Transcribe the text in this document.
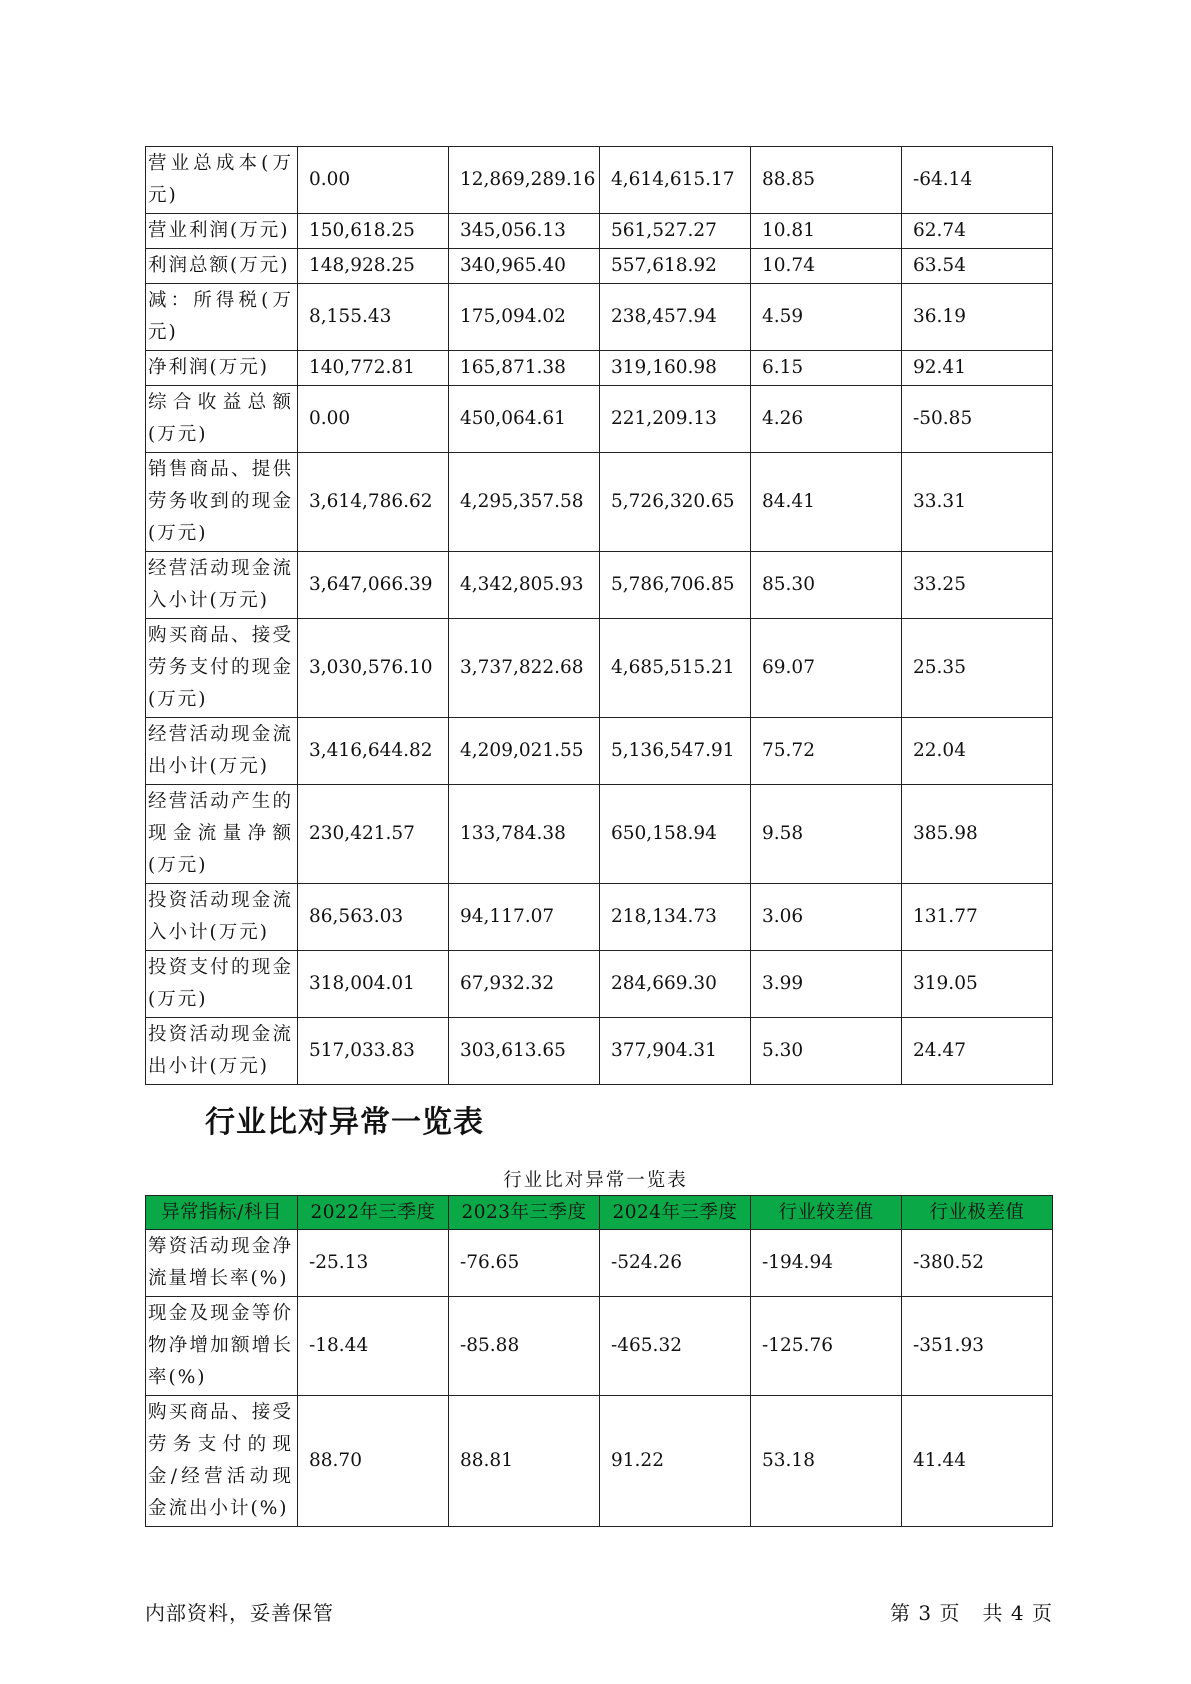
营业总成本(万元)	0.00	12,869,289.16	4,614,615.17	88.85	-64.14
营业利润(万元)	150,618.25	345,056.13	561,527.27	10.81	62.74
利润总额(万元)	148,928.25	340,965.40	557,618.92	10.74	63.54
减：所得税(万元)	8,155.43	175,094.02	238,457.94	4.59	36.19
净利润(万元)	140,772.81	165,871.38	319,160.98	6.15	92.41
综合收益总额(万元)	0.00	450,064.61	221,209.13	4.26	-50.85
销售商品、提供劳务收到的现金(万元)	3,614,786.62	4,295,357.58	5,726,320.65	84.41	33.31
经营活动现金流入小计(万元)	3,647,066.39	4,342,805.93	5,786,706.85	85.30	33.25
购买商品、接受劳务支付的现金(万元)	3,030,576.10	3,737,822.68	4,685,515.21	69.07	25.35
经营活动现金流出小计(万元)	3,416,644.82	4,209,021.55	5,136,547.91	75.72	22.04
经营活动产生的现金流量净额(万元)	230,421.57	133,784.38	650,158.94	9.58	385.98
投资活动现金流入小计(万元)	86,563.03	94,117.07	218,134.73	3.06	131.77
投资支付的现金(万元)	318,004.01	67,932.32	284,669.30	3.99	319.05
投资活动现金流出小计(万元)	517,033.83	303,613.65	377,904.31	5.30	24.47
行业比对异常一览表
行业比对异常一览表
异常指标/科目	2022年三季度	2023年三季度	2024年三季度	行业较差值	行业极差值
筹资活动现金净流量增长率(%)	-25.13	-76.65	-524.26	-194.94	-380.52
现金及现金等价物净增加额增长率(%)	-18.44	-85.88	-465.32	-125.76	-351.93
购买商品、接受劳务支付的现金/经营活动现金流出小计(%)	88.70	88.81	91.22	53.18	41.44
内部资料，妥善保管	第 3 页   共 4 页
